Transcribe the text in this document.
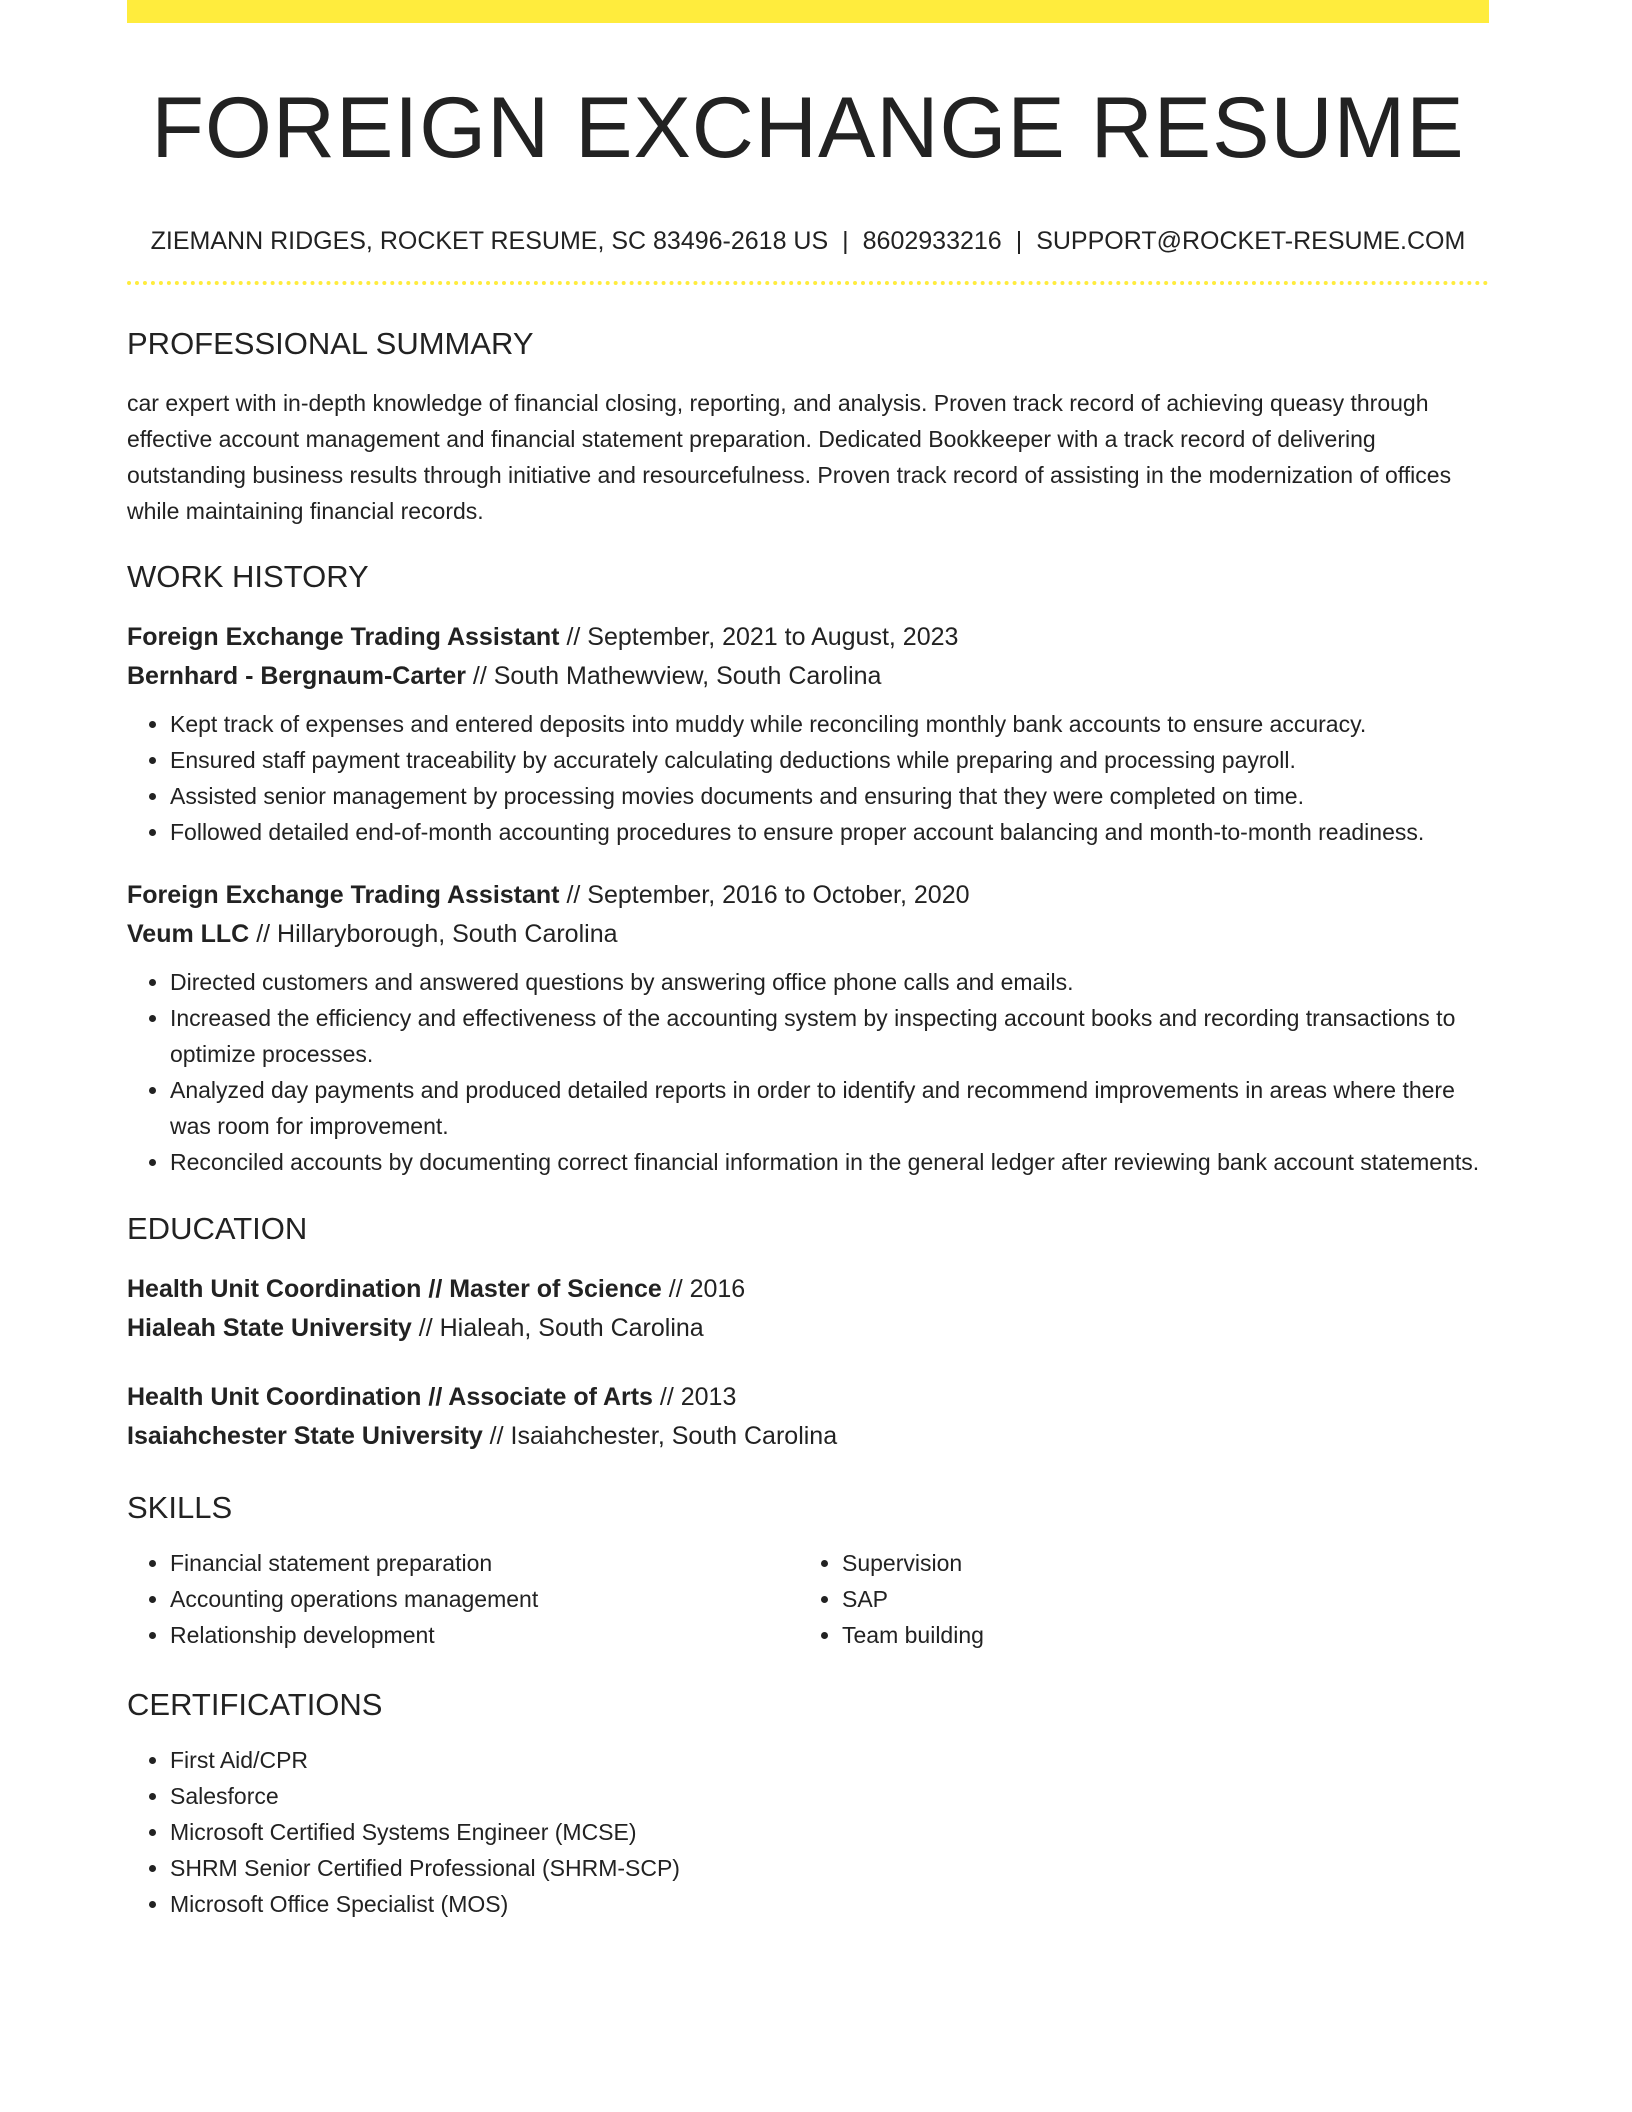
FOREIGN EXCHANGE RESUME
ZIEMANN RIDGES, ROCKET RESUME, SC 83496-2618 US | 8602933216 | SUPPORT@ROCKET-RESUME.COM
PROFESSIONAL SUMMARY

car expert with in-depth knowledge of financial closing, reporting, and analysis. Proven track record of achieving queasy through effective account management and financial statement preparation. Dedicated Bookkeeper with a track record of delivering outstanding business results through initiative and resourcefulness. Proven track record of assisting in the modernization of offices while maintaining financial records.

WORK HISTORY
Foreign Exchange Trading Assistant // September, 2021 to August, 2023
Bernhard - Bergnaum-Carter // South Mathewview, South Carolina
• Kept track of expenses and entered deposits into muddy while reconciling monthly bank accounts to ensure accuracy.
• Ensured staff payment traceability by accurately calculating deductions while preparing and processing payroll.
• Assisted senior management by processing movies documents and ensuring that they were completed on time.
• Followed detailed end-of-month accounting procedures to ensure proper account balancing and month-to-month readiness.
Foreign Exchange Trading Assistant // September, 2016 to October, 2020
Veum LLC // Hillaryborough, South Carolina
• Directed customers and answered questions by answering office phone calls and emails.
• Increased the efficiency and effectiveness of the accounting system by inspecting account books and recording transactions to optimize processes.
• Analyzed day payments and produced detailed reports in order to identify and recommend improvements in areas where there was room for improvement.
• Reconciled accounts by documenting correct financial information in the general ledger after reviewing bank account statements.
EDUCATION
Health Unit Coordination // Master of Science // 2016
Hialeah State University // Hialeah, South Carolina
Health Unit Coordination // Associate of Arts // 2013
Isaiahchester State University // Isaiahchester, South Carolina
SKILLS
• Financial statement preparation
• Accounting operations management
• Relationship development
• Supervision
• SAP
• Team building
CERTIFICATIONS
• First Aid/CPR
• Salesforce
• Microsoft Certified Systems Engineer (MCSE)
• SHRM Senior Certified Professional (SHRM-SCP)
• Microsoft Office Specialist (MOS)
